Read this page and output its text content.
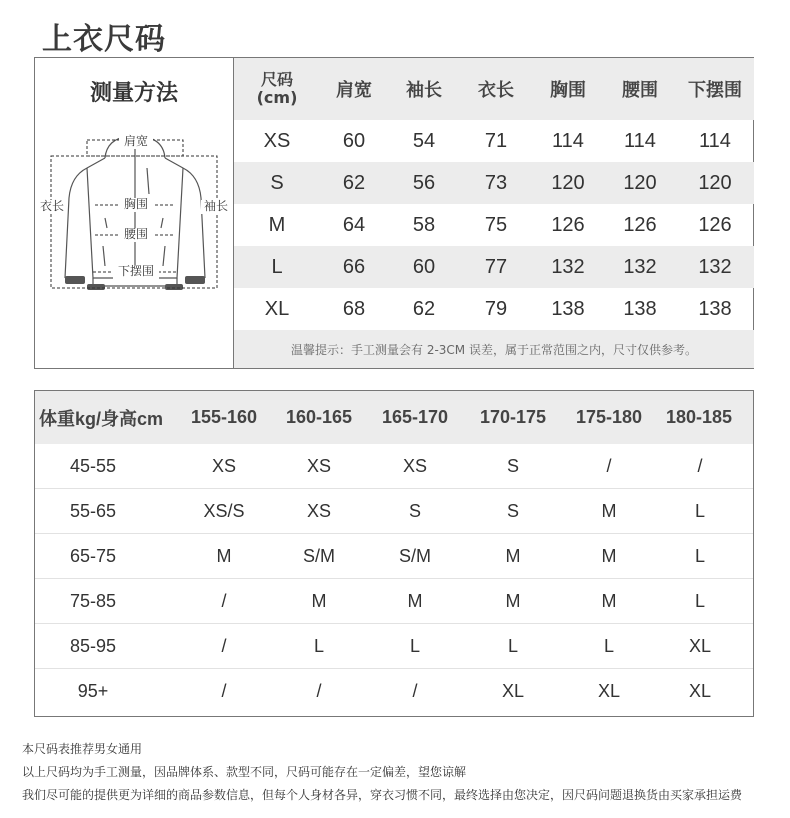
上衣尺码
测量方法
肩宽
胸围
腰围
下摆围
衣长	袖长
尺码
(cm)	肩宽	袖长	衣长	胸围	腰围	下摆围
XS	60	54	71	114	114	114
S	62	56	73	120	120	120
M	64	58	75	126	126	126
L	66	60	77	132	132	132
XL	68	62	79	138	138	138
温馨提示：手工测量会有 2-3CM 误差，属于正常范围之内，尺寸仅供参考。
体重kg/身高cm	155-160	160-165	165-170	170-175	175-180	180-185
45-55	XS	XS	XS	S	/	/
55-65	XS/S	XS	S	S	M	L
65-75	M	S/M	S/M	M	M	L
75-85	/	M	M	M	M	L
85-95	/	L	L	L	L	XL
95+	/	/	/	XL	XL	XL
本尺码表推荐男女通用
以上尺码均为手工测量，因品牌体系、款型不同，尺码可能存在一定偏差，望您谅解
我们尽可能的提供更为详细的商品参数信息，但每个人身材各异，穿衣习惯不同，最终选择由您决定，因尺码问题退换货由买家承担运费
